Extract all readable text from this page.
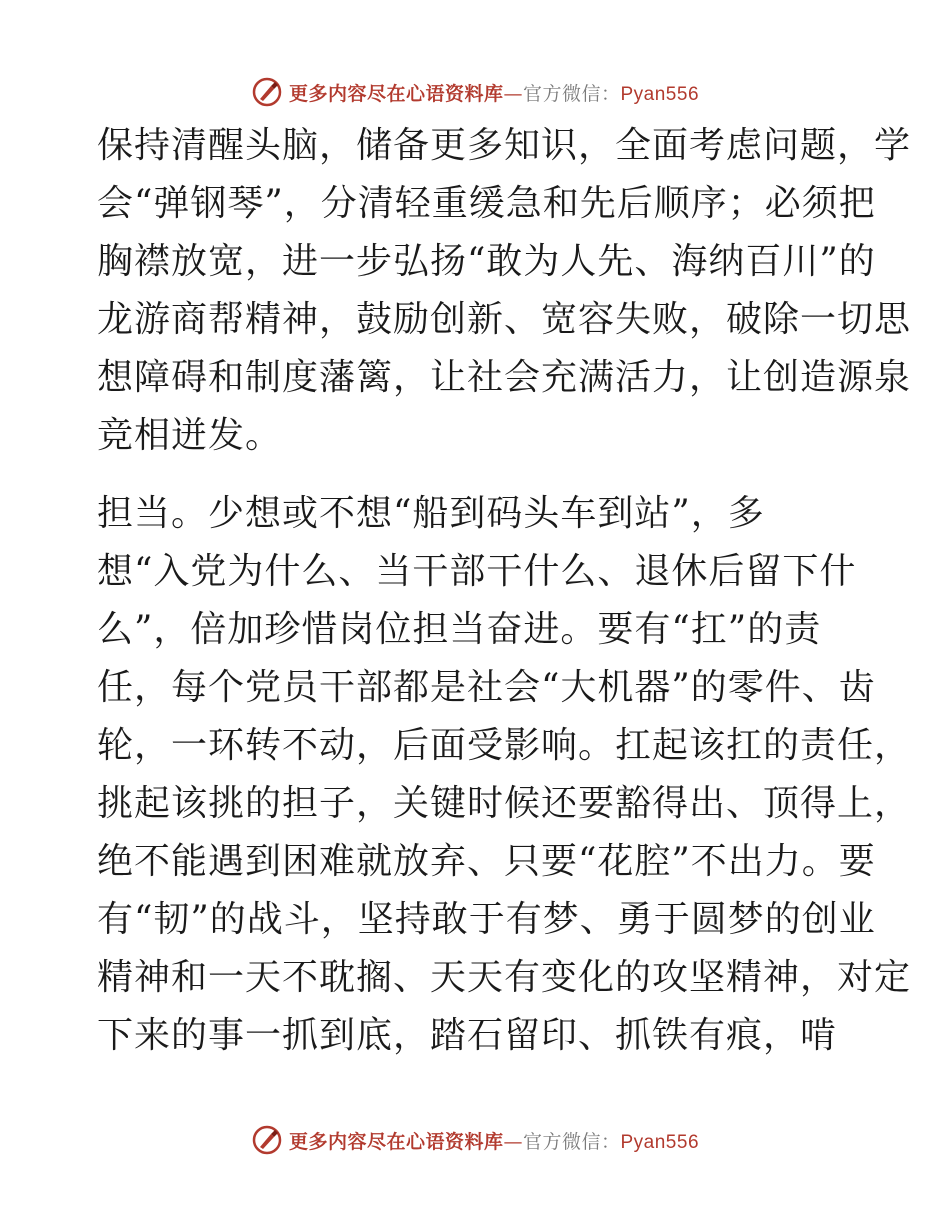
更多内容尽在心语资料库—官方微信：Pyan556
保持清醒头脑，储备更多知识，全面考虑问题，学
会“弹钢琴”，分清轻重缓急和先后顺序；必须把
胸襟放宽，进一步弘扬“敢为人先、海纳百川”的
龙游商帮精神，鼓励创新、宽容失败，破除一切思
想障碍和制度藩篱，让社会充满活力，让创造源泉
竞相迸发。
担当。少想或不想“船到码头车到站”，多
想“入党为什么、当干部干什么、退休后留下什
么”，倍加珍惜岗位担当奋进。要有“扛”的责
任，每个党员干部都是社会“大机器”的零件、齿
轮，一环转不动，后面受影响。扛起该扛的责任，
挑起该挑的担子，关键时候还要豁得出、顶得上，
绝不能遇到困难就放弃、只要“花腔”不出力。要
有“韧”的战斗，坚持敢于有梦、勇于圆梦的创业
精神和一天不耽搁、天天有变化的攻坚精神，对定
下来的事一抓到底，踏石留印、抓铁有痕，啃
更多内容尽在心语资料库—官方微信：Pyan556
